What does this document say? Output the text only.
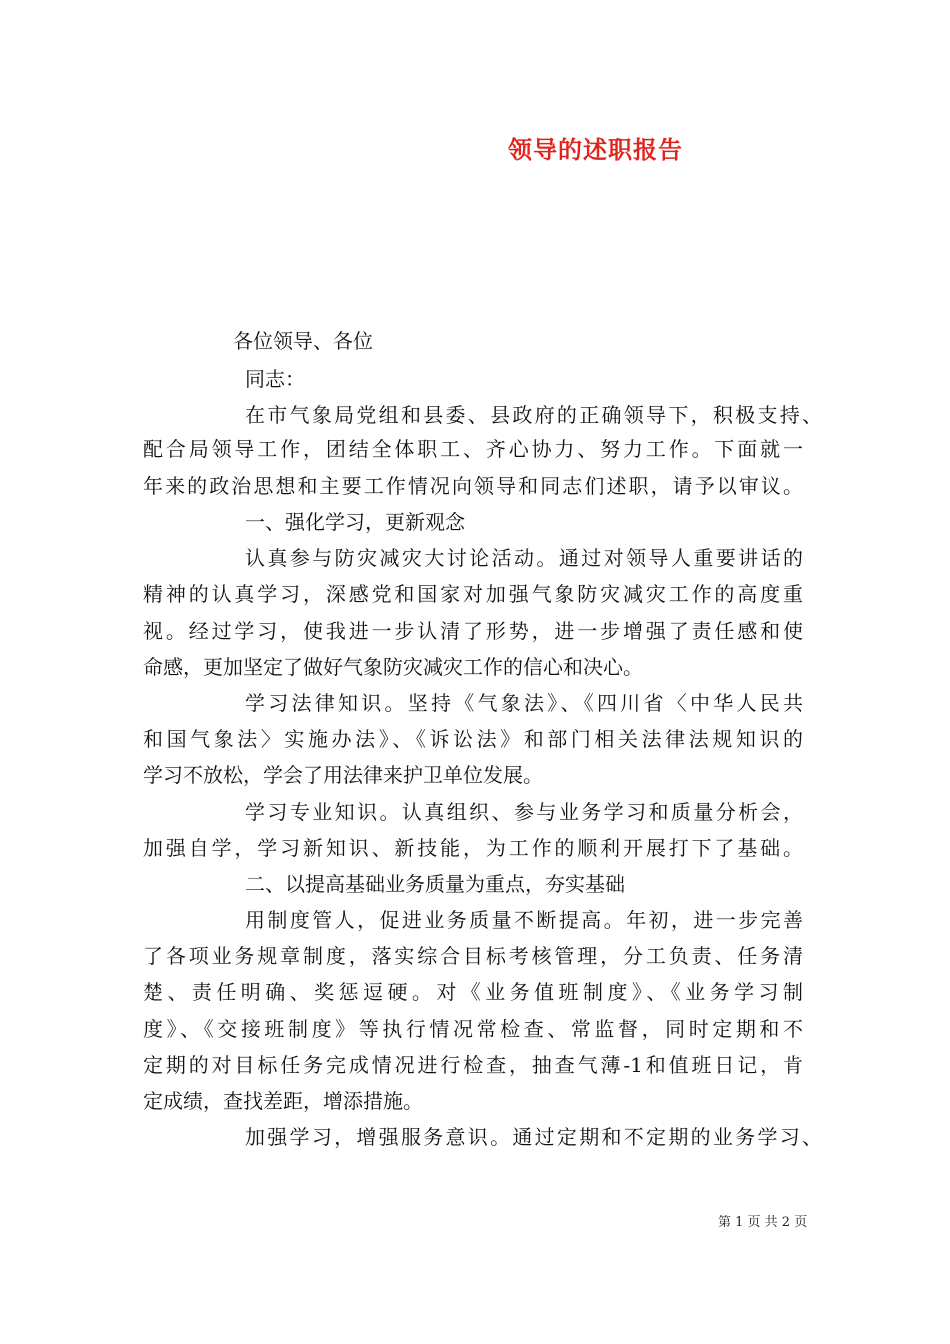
领导的述职报告
各位领导、各位
同志：
在市气象局党组和县委、县政府的正确领导下，积极支持、
配合局领导工作，团结全体职工、齐心协力、努力工作。下面就一
年来的政治思想和主要工作情况向领导和同志们述职，请予以审议。
一、强化学习，更新观念
认真参与防灾减灾大讨论活动。通过对领导人重要讲话的
精神的认真学习，深感党和国家对加强气象防灾减灾工作的高度重
视。经过学习，使我进一步认清了形势，进一步增强了责任感和使
命感，更加坚定了做好气象防灾减灾工作的信心和决心。
学习法律知识。坚持《气象法》、《四川省〈中华人民共
和国气象法〉实施办法》、《诉讼法》和部门相关法律法规知识的
学习不放松，学会了用法律来护卫单位发展。
学习专业知识。认真组织、参与业务学习和质量分析会，
加强自学，学习新知识、新技能，为工作的顺利开展打下了基础。
二、以提高基础业务质量为重点，夯实基础
用制度管人，促进业务质量不断提高。年初，进一步完善
了各项业务规章制度，落实综合目标考核管理，分工负责、任务清
楚、责任明确、奖惩逗硬。对《业务值班制度》、《业务学习制
度》、《交接班制度》等执行情况常检查、常监督，同时定期和不
定期的对目标任务完成情况进行检查，抽查气薄-1和值班日记，肯
定成绩，查找差距，增添措施。
加强学习，增强服务意识。通过定期和不定期的业务学习、
第 1 页 共 2 页
